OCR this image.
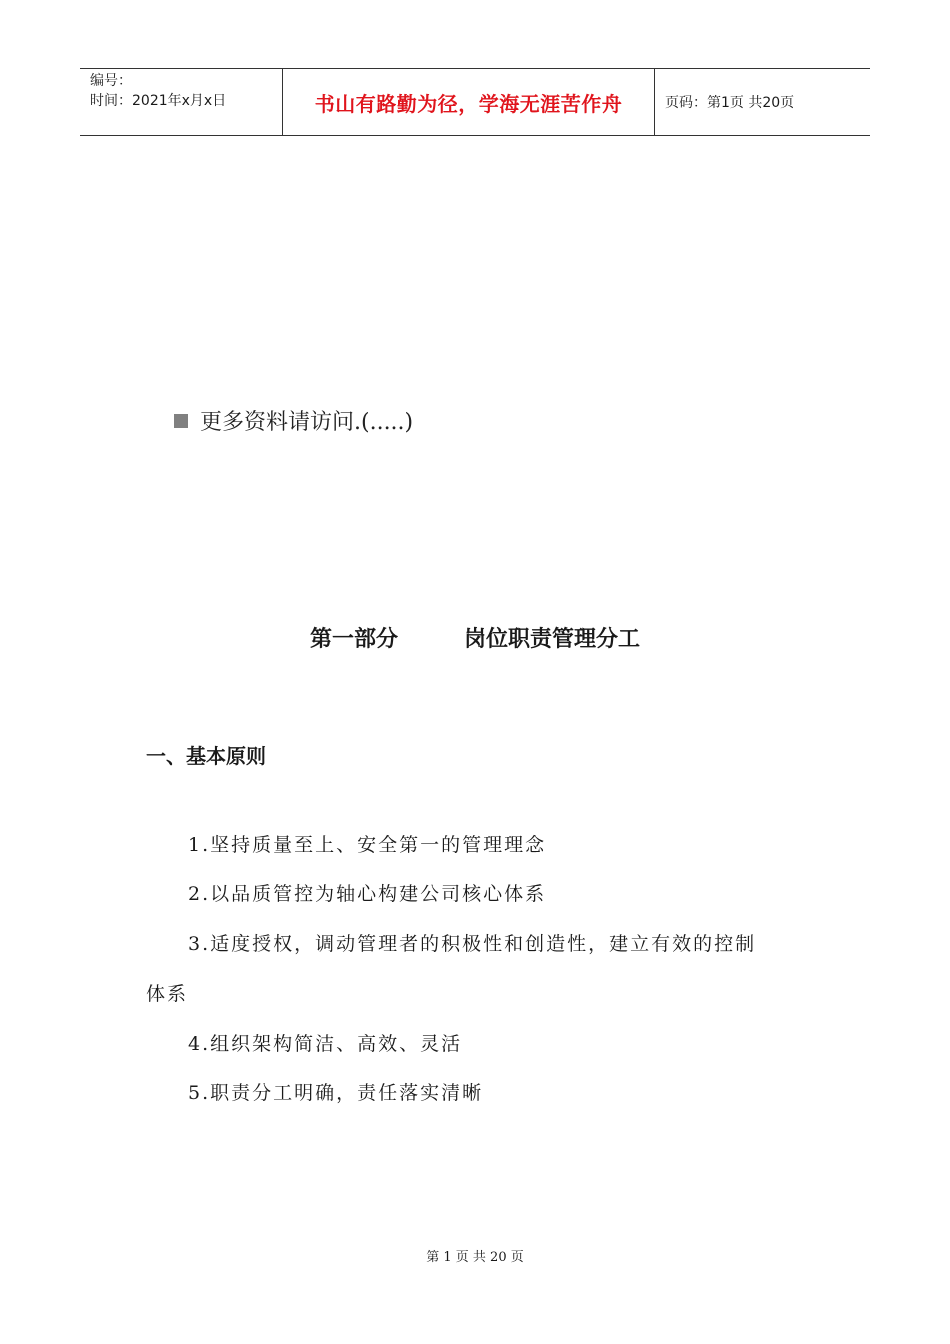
编号：
时间：2021年x月x日	书山有路勤为径，学海无涯苦作舟	页码：第1页 共20页
更多资料请访问.(.....)
第一部分	岗位职责管理分工
一、基本原则
1.坚持质量至上、安全第一的管理理念
2.以品质管控为轴心构建公司核心体系
3.适度授权，调动管理者的积极性和创造性，建立有效的控制
体系
4.组织架构简洁、高效、灵活
5.职责分工明确，责任落实清晰
第 1 页 共 20 页
